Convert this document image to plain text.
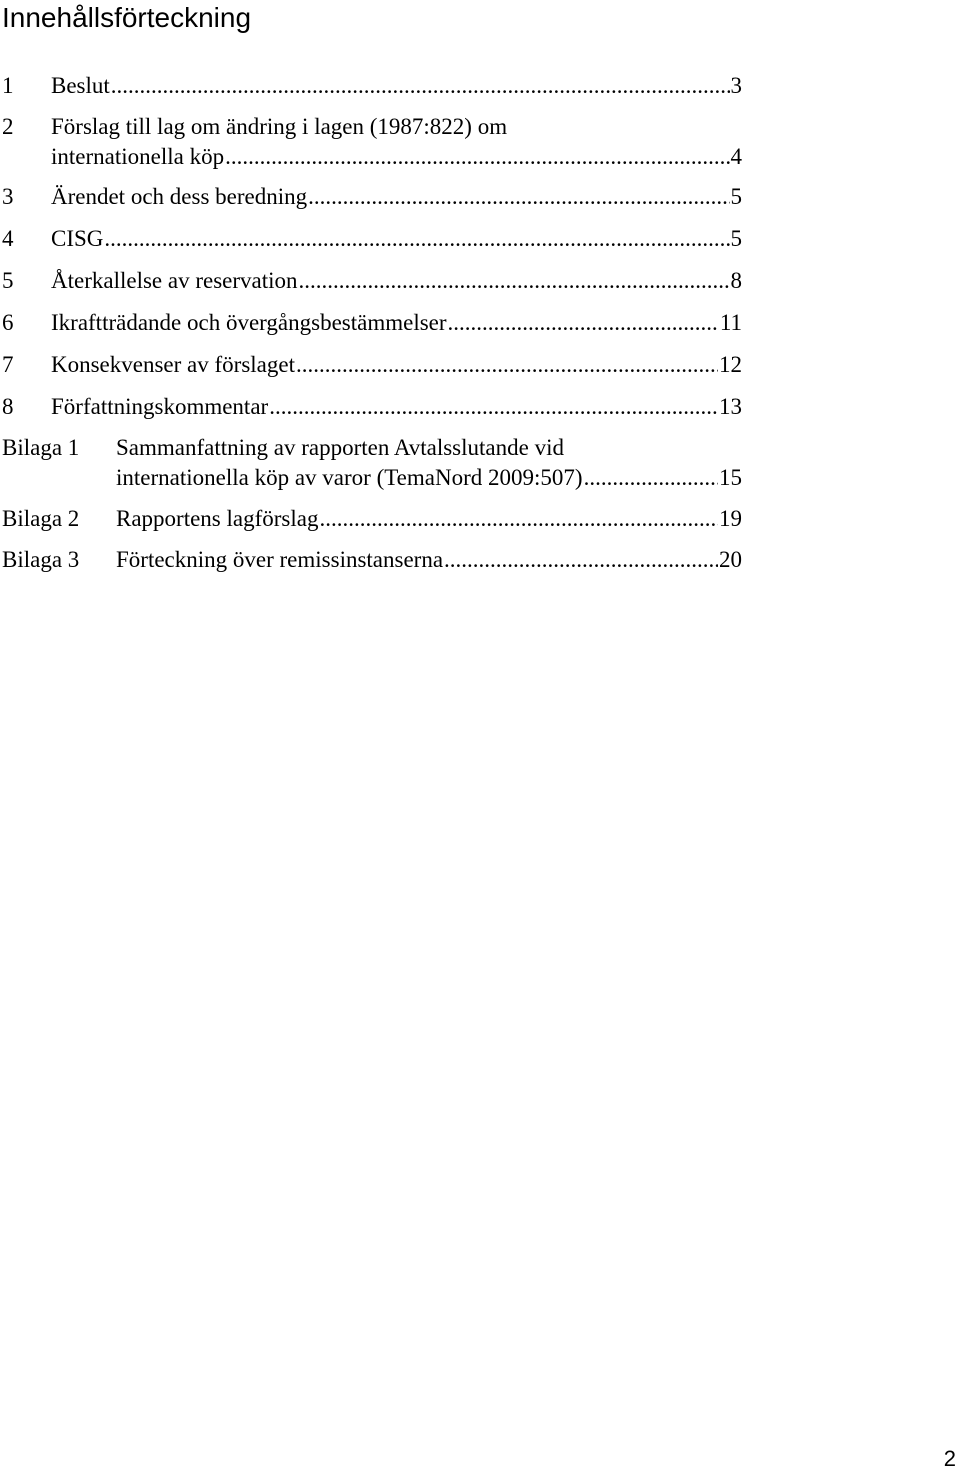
Innehållsförteckning
1 Beslut .....	3
2 Förslag till lag om ändring i lagen (1987:822) om
internationella köp .....	4
3 Ärendet och dess beredning .....	5
4 CISG .....	5
5 Återkallelse av reservation .....	8
6 Ikraftträdande och övergångsbestämmelser .....	11
7 Konsekvenser av förslaget .....	12
8 Författningskommentar .....	13
Bilaga 1 Sammanfattning av rapporten Avtalsslutande vid
internationella köp av varor (TemaNord 2009:507) .....	15
Bilaga 2 Rapportens lagförslag .....	19
Bilaga 3 Förteckning över remissinstanserna .....	20
2
